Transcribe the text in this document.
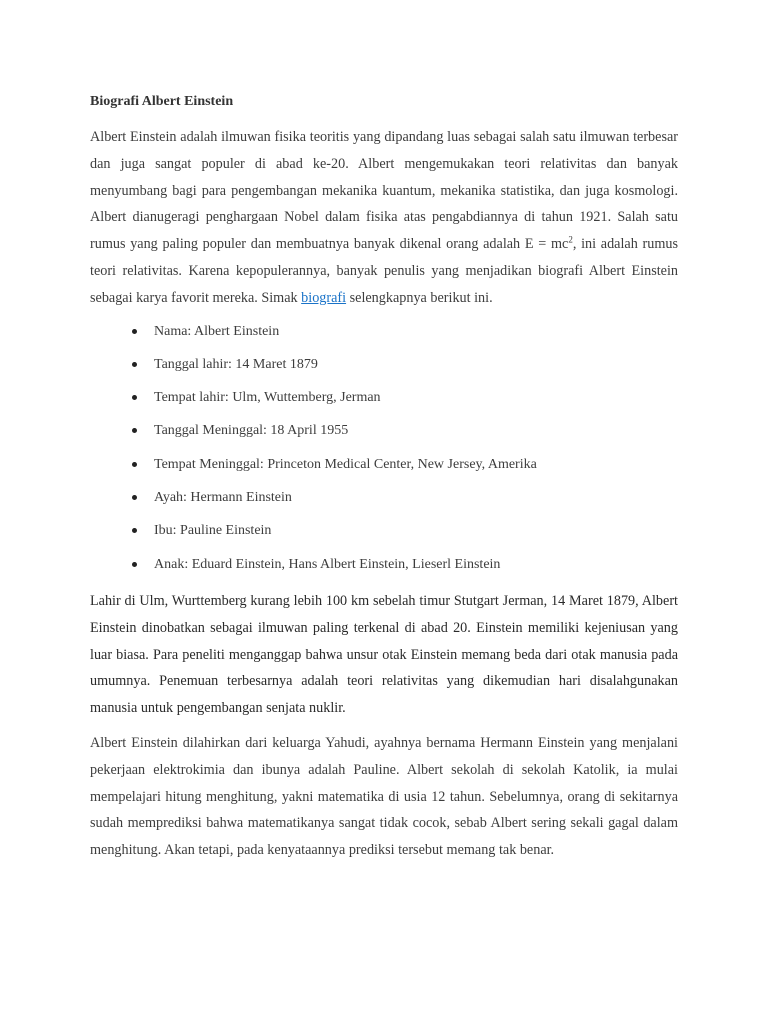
Biografi Albert Einstein

Albert Einstein adalah ilmuwan fisika teoritis yang dipandang luas sebagai salah satu ilmuwan terbesar dan juga sangat populer di abad ke-20. Albert mengemukakan teori relativitas dan banyak menyumbang bagi para pengembangan mekanika kuantum, mekanika statistika, dan juga kosmologi. Albert dianugeragi penghargaan Nobel dalam fisika atas pengabdiannya di tahun 1921. Salah satu rumus yang paling populer dan membuatnya banyak dikenal orang adalah $E = mc^2$, ini adalah rumus teori relativitas. Karena kepopulerannya, banyak penulis yang menjadikan biografi Albert Einstein sebagai karya favorit mereka. Simak biografi selengkapnya berikut ini.

Nama: Albert Einstein
Tanggal lahir: 14 Maret 1879
Tempat lahir: Ulm, Wuttemberg, Jerman
Tanggal Meninggal: 18 April 1955
Tempat Meninggal: Princeton Medical Center, New Jersey, Amerika
Ayah: Hermann Einstein
Ibu: Pauline Einstein
Anak: Eduard Einstein, Hans Albert Einstein, Lieserl Einstein

Lahir di Ulm, Wurttemberg kurang lebih 100 km sebelah timur Stutgart Jerman, 14 Maret 1879, Albert Einstein dinobatkan sebagai ilmuwan paling terkenal di abad 20. Einstein memiliki kejeniusan yang luar biasa. Para peneliti menganggap bahwa unsur otak Einstein memang beda dari otak manusia pada umumnya. Penemuan terbesarnya adalah teori relativitas yang dikemudian hari disalahgunakan manusia untuk pengembangan senjata nuklir.

Albert Einstein dilahirkan dari keluarga Yahudi, ayahnya bernama Hermann Einstein yang menjalani pekerjaan elektrokimia dan ibunya adalah Pauline. Albert sekolah di sekolah Katolik, ia mulai mempelajari hitung menghitung, yakni matematika di usia 12 tahun. Sebelumnya, orang di sekitarnya sudah memprediksi bahwa matematikanya sangat tidak cocok, sebab Albert sering sekali gagal dalam menghitung. Akan tetapi, pada kenyataannya prediksi tersebut memang tak benar.
